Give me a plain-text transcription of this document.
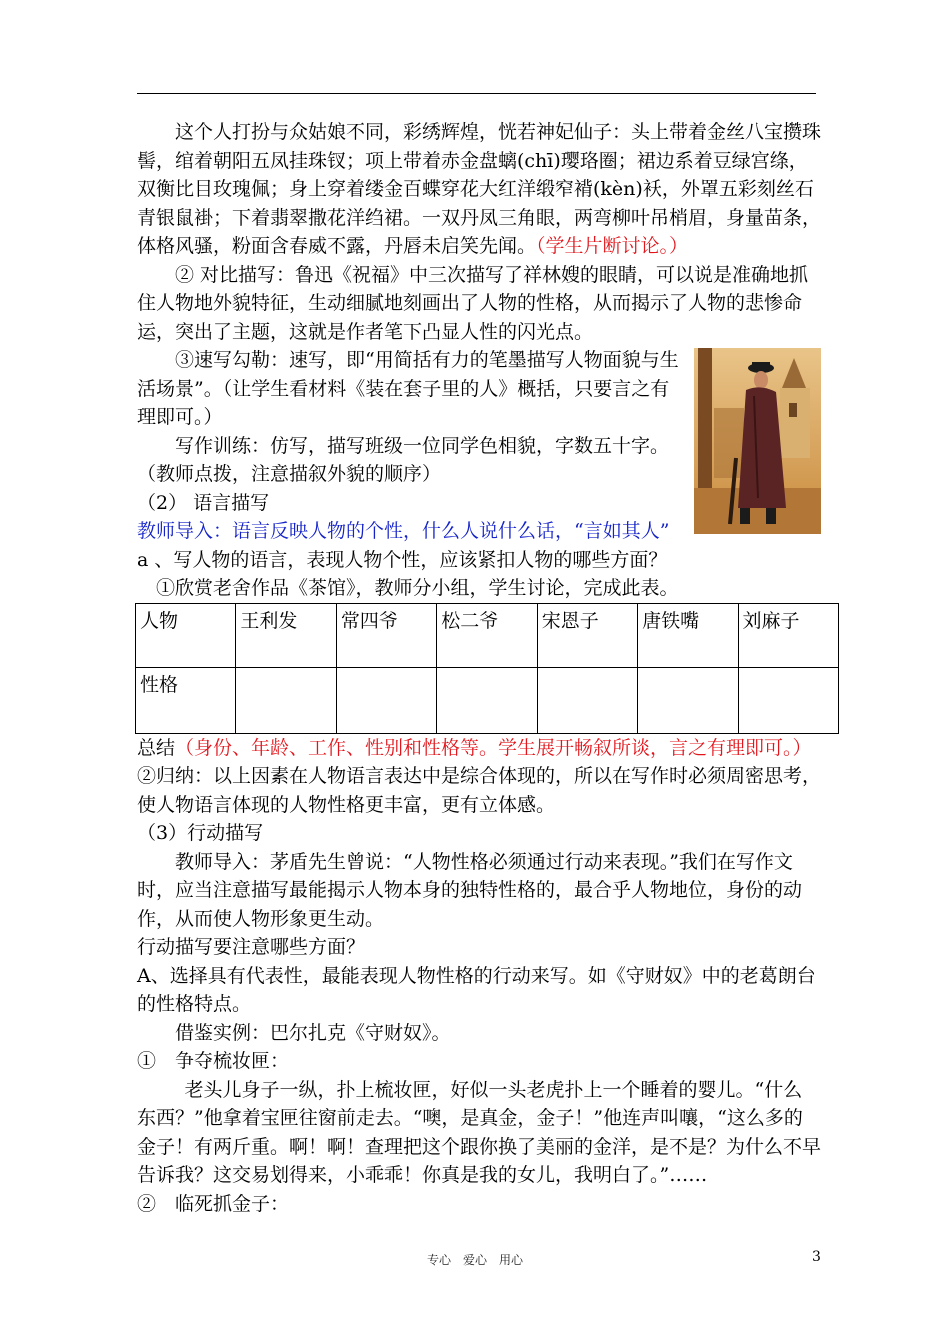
这个人打扮与众姑娘不同，彩绣辉煌，恍若神妃仙子：头上带着金丝八宝攒珠髻，绾着朝阳五凤挂珠钗；项上带着赤金盘螭(chī)璎珞圈；裙边系着豆绿宫绦，双衡比目玫瑰佩；身上穿着缕金百蝶穿花大红洋缎窄褙(kèn)袄，外罩五彩刻丝石青银鼠褂；下着翡翠撒花洋绉裙。一双丹凤三角眼，两弯柳叶吊梢眉，身量苗条，体格风骚，粉面含春威不露，丹唇未启笑先闻。（学生片断讨论。）

② 对比描写：鲁迅《祝福》中三次描写了祥林嫂的眼睛，可以说是准确地抓住人物地外貌特征，生动细腻地刻画出了人物的性格，从而揭示了人物的悲惨命运，突出了主题，这就是作者笔下凸显人性的闪光点。

③速写勾勒：速写，即“用简括有力的笔墨描写人物面貌与生活场景”。（让学生看材料《装在套子里的人》概括，只要言之有理即可。）

写作训练：仿写，描写班级一位同学色相貌，字数五十字。（教师点拨，注意描叙外貌的顺序）

（2） 语言描写

教师导入：语言反映人物的个性，什么人说什么话，“言如其人”

a 、写人物的语言，表现人物个性，应该紧扣人物的哪些方面？

①欣赏老舍作品《茶馆》，教师分小组，学生讨论，完成此表。

人物	王利发	常四爷	松二爷	宋恩子	唐铁嘴	刘麻子
性格						

总结（身份、年龄、工作、性别和性格等。学生展开畅叙所谈，言之有理即可。）

②归纳：以上因素在人物语言表达中是综合体现的，所以在写作时必须周密思考，使人物语言体现的人物性格更丰富，更有立体感。

（3）行动描写

教师导入：茅盾先生曾说：“人物性格必须通过行动来表现。”我们在写作文时，应当注意描写最能揭示人物本身的独特性格的，最合乎人物地位，身份的动作，从而使人物形象更生动。

行动描写要注意哪些方面？

A、选择具有代表性，最能表现人物性格的行动来写。如《守财奴》中的老葛朗台的性格特点。

借鉴实例：巴尔扎克《守财奴》。

①　争夺梳妆匣：

老头儿身子一纵，扑上梳妆匣，好似一头老虎扑上一个睡着的婴儿。“什么东西？”他拿着宝匣往窗前走去。“噢，是真金，金子！”他连声叫嚷，“这么多的金子！有两斤重。啊！啊！查理把这个跟你换了美丽的金洋，是不是？为什么不早告诉我？这交易划得来，小乖乖！你真是我的女儿，我明白了。”……

②　临死抓金子：

专心 爱心 用心	3
